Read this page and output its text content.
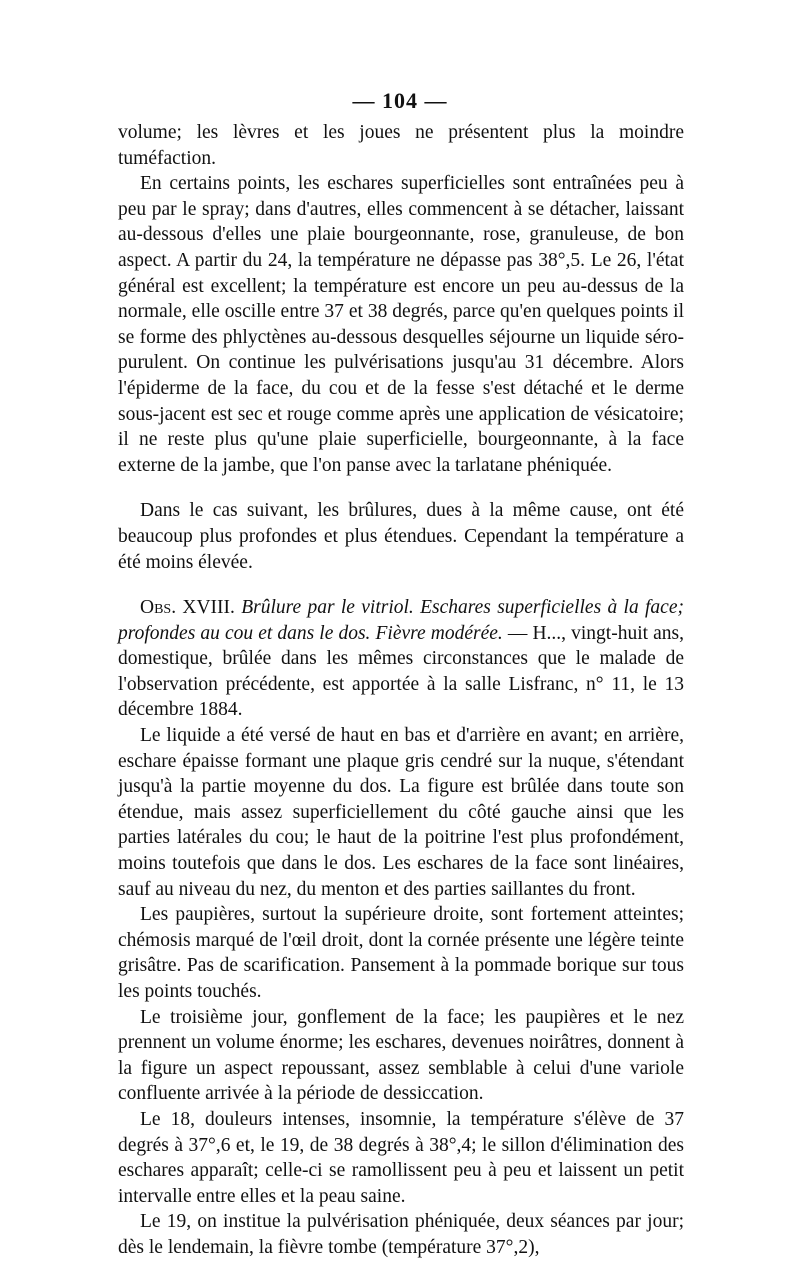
— 104 —

volume; les lèvres et les joues ne présentent plus la moindre tuméfaction.

En certains points, les eschares superficielles sont entraînées peu à peu par le spray; dans d'autres, elles commencent à se détacher, laissant au-dessous d'elles une plaie bourgeonnante, rose, granuleuse, de bon aspect. A partir du 24, la température ne dépasse pas 38°,5. Le 26, l'état général est excellent; la température est encore un peu au-dessus de la normale, elle oscille entre 37 et 38 degrés, parce qu'en quelques points il se forme des phlyctènes au-dessous desquelles séjourne un liquide séro-purulent. On continue les pulvérisations jusqu'au 31 décembre. Alors l'épiderme de la face, du cou et de la fesse s'est détaché et le derme sous-jacent est sec et rouge comme après une application de vésicatoire; il ne reste plus qu'une plaie superficielle, bourgeonnante, à la face externe de la jambe, que l'on panse avec la tarlatane phéniquée.

Dans le cas suivant, les brûlures, dues à la même cause, ont été beaucoup plus profondes et plus étendues. Cependant la température a été moins élevée.

Obs. XVIII. Brûlure par le vitriol. Eschares superficielles à la face; profondes au cou et dans le dos. Fièvre modérée. — H..., vingt-huit ans, domestique, brûlée dans les mêmes circonstances que le malade de l'observation précédente, est apportée à la salle Lisfranc, n° 11, le 13 décembre 1884.

Le liquide a été versé de haut en bas et d'arrière en avant; en arrière, eschare épaisse formant une plaque gris cendré sur la nuque, s'étendant jusqu'à la partie moyenne du dos. La figure est brûlée dans toute son étendue, mais assez superficiellement du côté gauche ainsi que les parties latérales du cou; le haut de la poitrine l'est plus profondément, moins toutefois que dans le dos. Les eschares de la face sont linéaires, sauf au niveau du nez, du menton et des parties saillantes du front.

Les paupières, surtout la supérieure droite, sont fortement atteintes; chémosis marqué de l'œil droit, dont la cornée présente une légère teinte grisâtre. Pas de scarification. Pansement à la pommade borique sur tous les points touchés.

Le troisième jour, gonflement de la face; les paupières et le nez prennent un volume énorme; les eschares, devenues noirâtres, donnent à la figure un aspect repoussant, assez semblable à celui d'une variole confluente arrivée à la période de dessiccation.

Le 18, douleurs intenses, insomnie, la température s'élève de 37 degrés à 37°,6 et, le 19, de 38 degrés à 38°,4; le sillon d'élimination des eschares apparaît; celle-ci se ramollissent peu à peu et laissent un petit intervalle entre elles et la peau saine.

Le 19, on institue la pulvérisation phéniquée, deux séances par jour; dès le lendemain, la fièvre tombe (température 37°,2),
